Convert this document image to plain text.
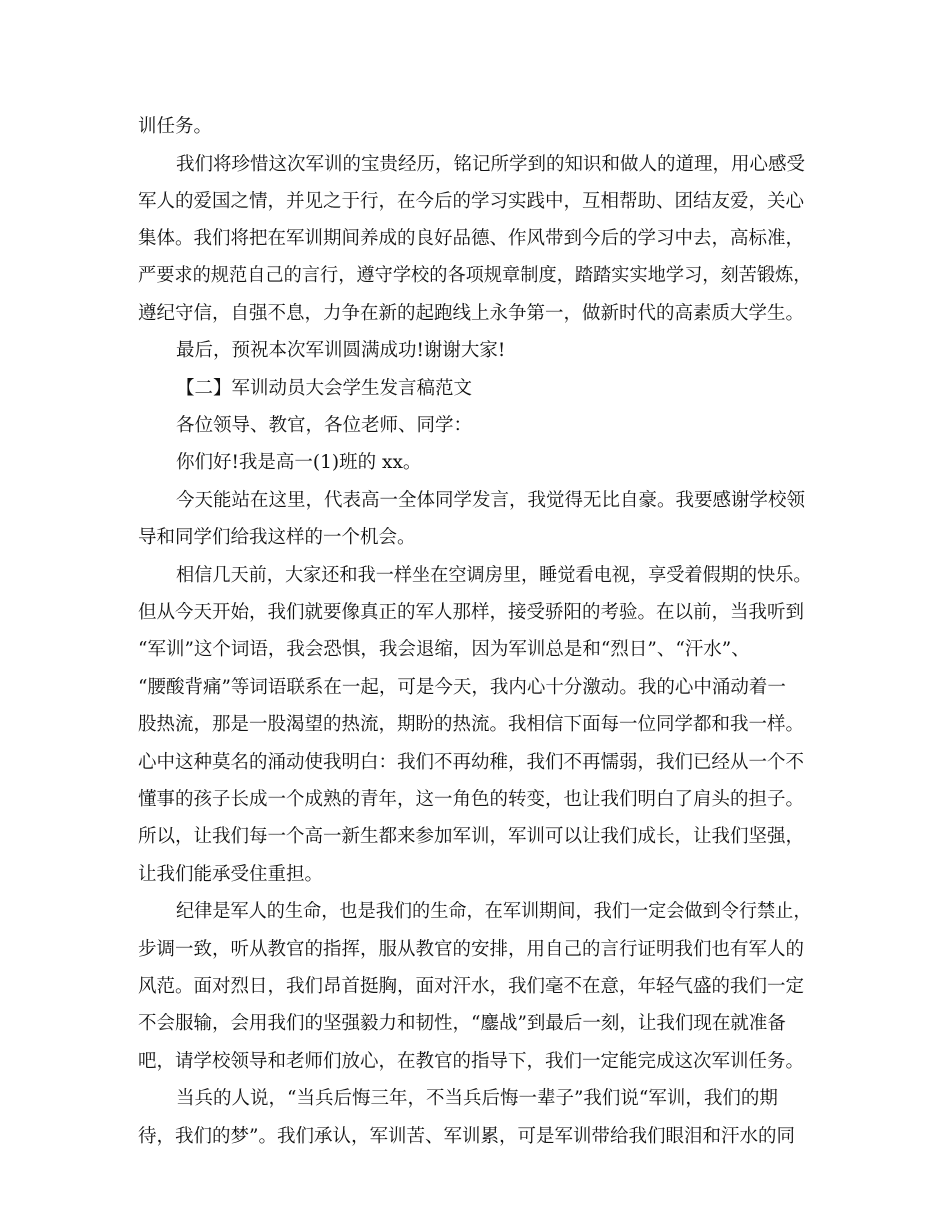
训任务。
我们将珍惜这次军训的宝贵经历，铭记所学到的知识和做人的道理，用心感受
军人的爱国之情，并见之于行，在今后的学习实践中，互相帮助、团结友爱，关心
集体。我们将把在军训期间养成的良好品德、作风带到今后的学习中去，高标准，
严要求的规范自己的言行，遵守学校的各项规章制度，踏踏实实地学习，刻苦锻炼，
遵纪守信，自强不息，力争在新的起跑线上永争第一，做新时代的高素质大学生。
最后，预祝本次军训圆满成功!谢谢大家!
【二】军训动员大会学生发言稿范文
各位领导、教官，各位老师、同学：
你们好!我是高一(1)班的 xx。
今天能站在这里，代表高一全体同学发言，我觉得无比自豪。我要感谢学校领
导和同学们给我这样的一个机会。
相信几天前，大家还和我一样坐在空调房里，睡觉看电视，享受着假期的快乐。
但从今天开始，我们就要像真正的军人那样，接受骄阳的考验。在以前，当我听到
“军训”这个词语，我会恐惧，我会退缩，因为军训总是和“烈日”、“汗水”、
“腰酸背痛”等词语联系在一起，可是今天，我内心十分激动。我的心中涌动着一
股热流，那是一股渴望的热流，期盼的热流。我相信下面每一位同学都和我一样。
心中这种莫名的涌动使我明白：我们不再幼稚，我们不再懦弱，我们已经从一个不
懂事的孩子长成一个成熟的青年，这一角色的转变，也让我们明白了肩头的担子。
所以，让我们每一个高一新生都来参加军训，军训可以让我们成长，让我们坚强，
让我们能承受住重担。
纪律是军人的生命，也是我们的生命，在军训期间，我们一定会做到令行禁止，
步调一致，听从教官的指挥，服从教官的安排，用自己的言行证明我们也有军人的
风范。面对烈日，我们昂首挺胸，面对汗水，我们毫不在意，年轻气盛的我们一定
不会服输，会用我们的坚强毅力和韧性，“鏖战”到最后一刻，让我们现在就准备
吧，请学校领导和老师们放心，在教官的指导下，我们一定能完成这次军训任务。
当兵的人说，“当兵后悔三年，不当兵后悔一辈子”我们说“军训，我们的期
待，我们的梦”。我们承认，军训苦、军训累，可是军训带给我们眼泪和汗水的同
